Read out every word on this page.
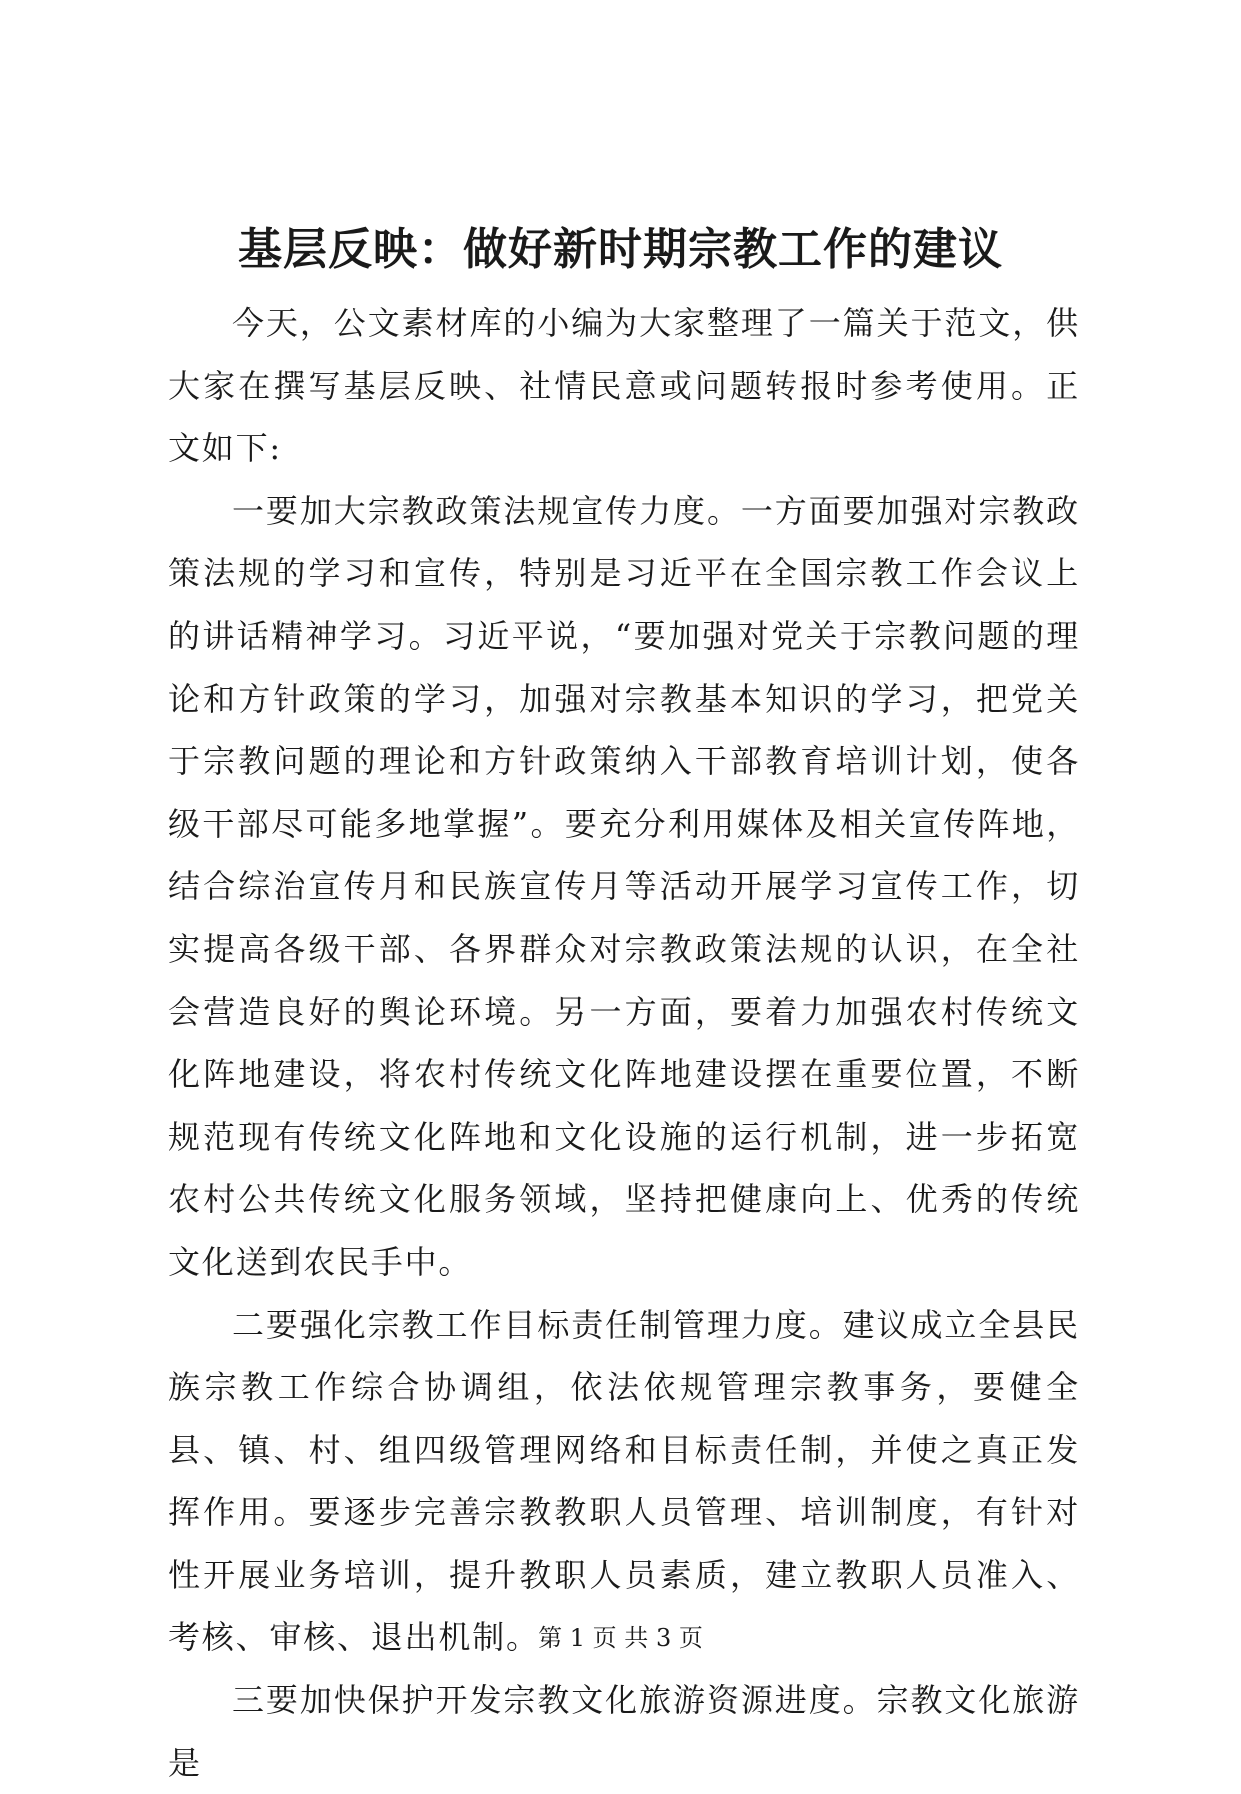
基层反映：做好新时期宗教工作的建议

今天，公文素材库的小编为大家整理了一篇关于范文，供大家在撰写基层反映、社情民意或问题转报时参考使用。正文如下:

一要加大宗教政策法规宣传力度。一方面要加强对宗教政策法规的学习和宣传，特别是习近平在全国宗教工作会议上的讲话精神学习。习近平说，“要加强对党关于宗教问题的理论和方针政策的学习，加强对宗教基本知识的学习，把党关于宗教问题的理论和方针政策纳入干部教育培训计划，使各级干部尽可能多地掌握”。要充分利用媒体及相关宣传阵地，结合综治宣传月和民族宣传月等活动开展学习宣传工作，切实提高各级干部、各界群众对宗教政策法规的认识，在全社会营造良好的舆论环境。另一方面，要着力加强农村传统文化阵地建设，将农村传统文化阵地建设摆在重要位置，不断规范现有传统文化阵地和文化设施的运行机制，进一步拓宽农村公共传统文化服务领域，坚持把健康向上、优秀的传统文化送到农民手中。

二要强化宗教工作目标责任制管理力度。建议成立全县民族宗教工作综合协调组，依法依规管理宗教事务，要健全县、镇、村、组四级管理网络和目标责任制，并使之真正发挥作用。要逐步完善宗教教职人员管理、培训制度，有针对性开展业务培训，提升教职人员素质，建立教职人员准入、考核、审核、退出机制。

三要加快保护开发宗教文化旅游资源进度。宗教文化旅游是

第 1 页 共 3 页
